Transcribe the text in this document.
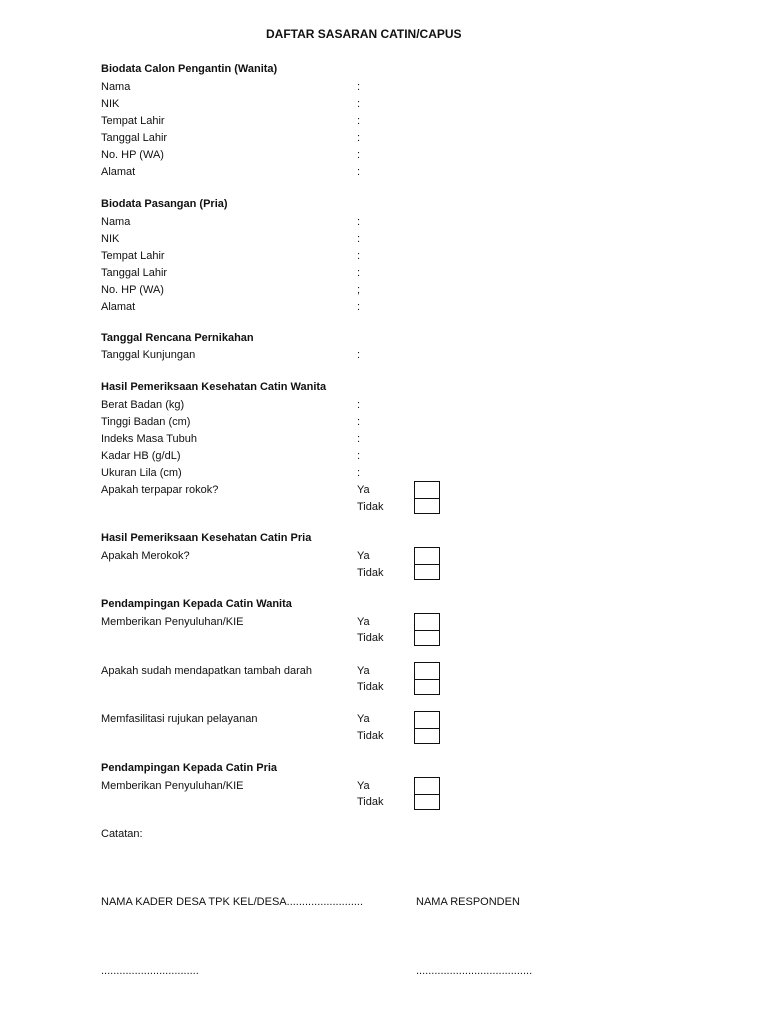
DAFTAR SASARAN CATIN/CAPUS
Biodata Calon Pengantin (Wanita)
Nama	:
NIK	:
Tempat Lahir	:
Tanggal Lahir	:
No. HP (WA)	:
Alamat	:
Biodata Pasangan (Pria)
Nama	:
NIK	:
Tempat Lahir	:
Tanggal Lahir	:
No. HP (WA)	;
Alamat	:
Tanggal Rencana Pernikahan
Tanggal Kunjungan	:
Hasil Pemeriksaan Kesehatan Catin Wanita
Berat Badan (kg)	:
Tinggi Badan (cm)	:
Indeks Masa Tubuh	:
Kadar HB (g/dL)	:
Ukuran Lila (cm)	:
Apakah terpapar rokok?	Ya
Tidak
Hasil Pemeriksaan Kesehatan Catin Pria
Apakah Merokok?	Ya
Tidak
Pendampingan Kepada Catin Wanita
Memberikan Penyuluhan/KIE	Ya
Tidak
Apakah sudah mendapatkan tambah darah	Ya
Tidak
Memfasilitasi rujukan pelayanan	Ya
Tidak
Pendampingan Kepada Catin Pria
Memberikan Penyuluhan/KIE	Ya
Tidak
Catatan:
NAMA KADER DESA TPK KEL/DESA.........................	NAMA RESPONDEN
................................	......................................
